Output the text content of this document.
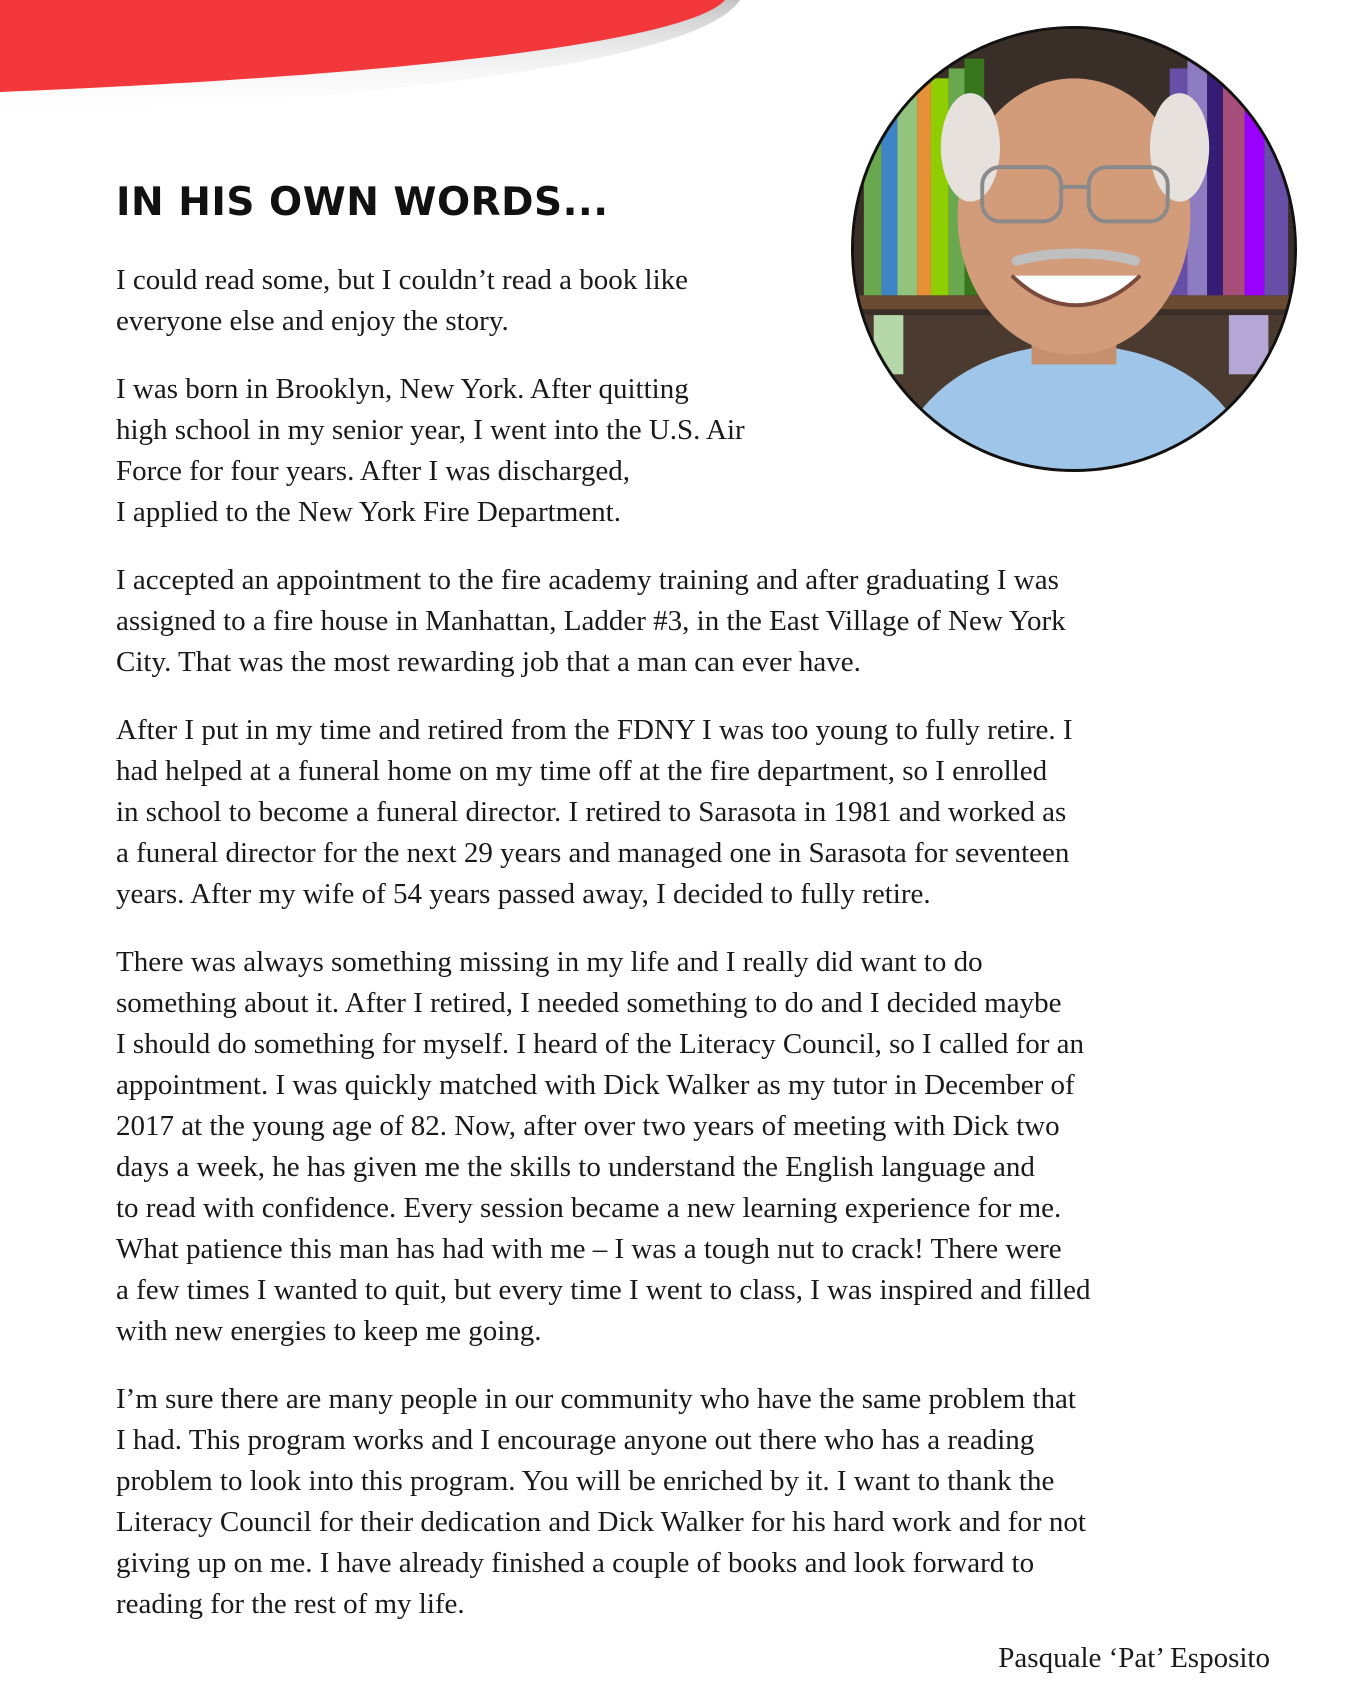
IN HIS OWN WORDS...

I could read some, but I couldn’t read a book like
everyone else and enjoy the story.

I was born in Brooklyn, New York. After quitting
high school in my senior year, I went into the U.S. Air
Force for four years. After I was discharged,
I applied to the New York Fire Department.

I accepted an appointment to the fire academy training and after graduating I was
assigned to a fire house in Manhattan, Ladder #3, in the East Village of New York
City. That was the most rewarding job that a man can ever have.

After I put in my time and retired from the FDNY I was too young to fully retire. I
had helped at a funeral home on my time off at the fire department, so I enrolled
in school to become a funeral director. I retired to Sarasota in 1981 and worked as
a funeral director for the next 29 years and managed one in Sarasota for seventeen
years. After my wife of 54 years passed away, I decided to fully retire.

There was always something missing in my life and I really did want to do
something about it. After I retired, I needed something to do and I decided maybe
I should do something for myself. I heard of the Literacy Council, so I called for an
appointment. I was quickly matched with Dick Walker as my tutor in December of
2017 at the young age of 82. Now, after over two years of meeting with Dick two
days a week, he has given me the skills to understand the English language and
to read with confidence. Every session became a new learning experience for me.
What patience this man has had with me – I was a tough nut to crack! There were
a few times I wanted to quit, but every time I went to class, I was inspired and filled
with new energies to keep me going.

I’m sure there are many people in our community who have the same problem that
I had. This program works and I encourage anyone out there who has a reading
problem to look into this program. You will be enriched by it. I want to thank the
Literacy Council for their dedication and Dick Walker for his hard work and for not
giving up on me. I have already finished a couple of books and look forward to
reading for the rest of my life.

Pasquale ‘Pat’ Esposito
